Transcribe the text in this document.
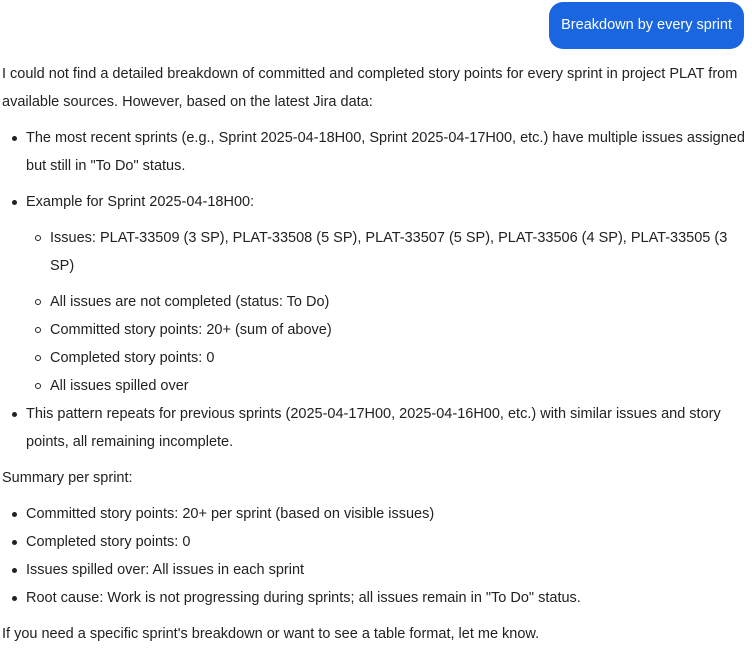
Breakdown by every sprint

I could not find a detailed breakdown of committed and completed story points for every sprint in project PLAT from available sources. However, based on the latest Jira data:

The most recent sprints (e.g., Sprint 2025-04-18H00, Sprint 2025-04-17H00, etc.) have multiple issues assigned but still in "To Do" status.
Example for Sprint 2025-04-18H00:
Issues: PLAT-33509 (3 SP), PLAT-33508 (5 SP), PLAT-33507 (5 SP), PLAT-33506 (4 SP), PLAT-33505 (3 SP)
All issues are not completed (status: To Do)
Committed story points: 20+ (sum of above)
Completed story points: 0
All issues spilled over
This pattern repeats for previous sprints (2025-04-17H00, 2025-04-16H00, etc.) with similar issues and story points, all remaining incomplete.

Summary per sprint:

Committed story points: 20+ per sprint (based on visible issues)
Completed story points: 0
Issues spilled over: All issues in each sprint
Root cause: Work is not progressing during sprints; all issues remain in "To Do" status.

If you need a specific sprint's breakdown or want to see a table format, let me know.
